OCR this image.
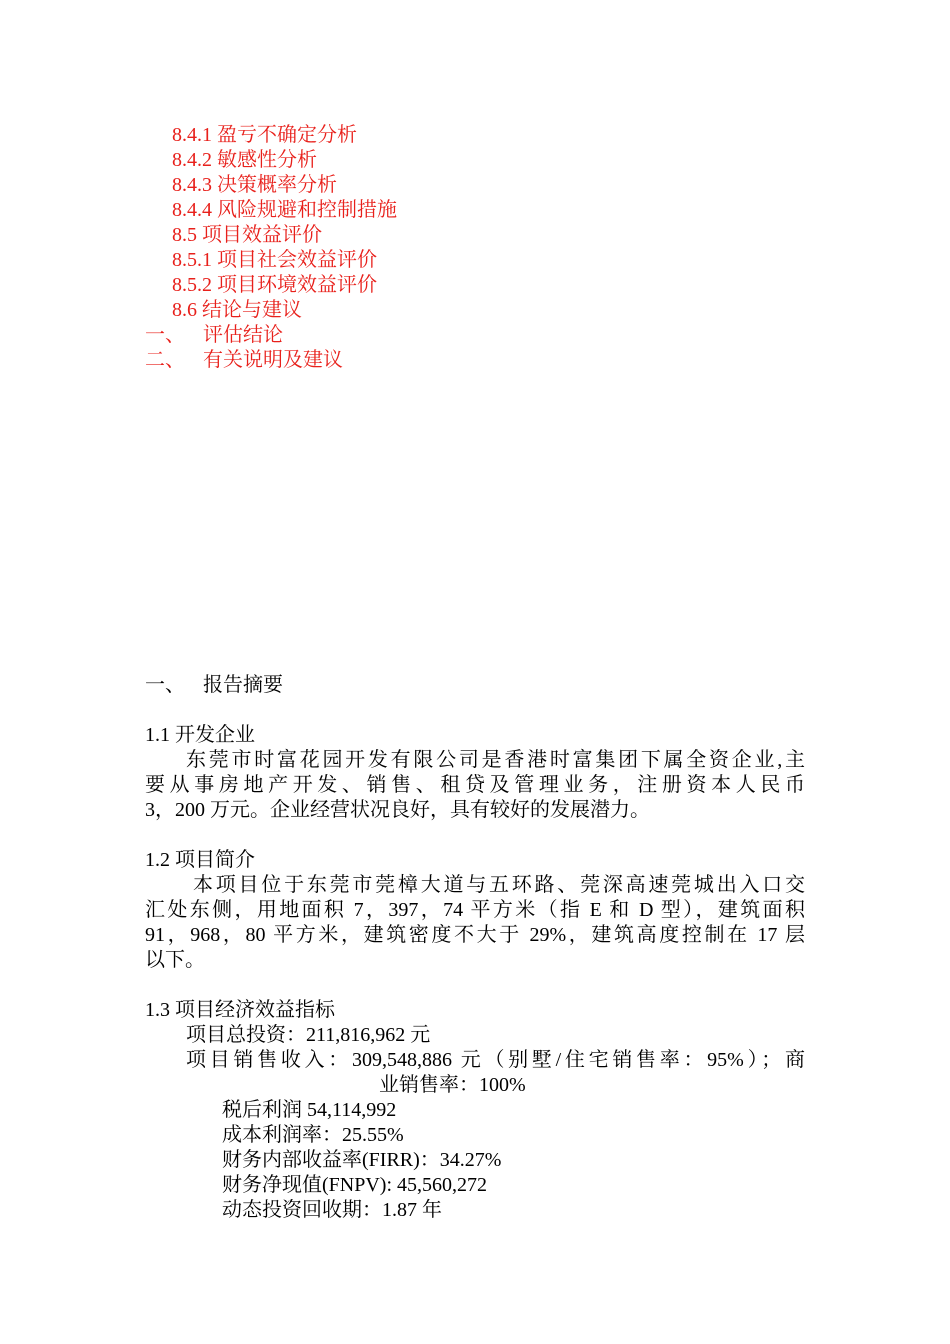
8.4.1 盈亏不确定分析
8.4.2 敏感性分析
8.4.3 决策概率分析
8.4.4 风险规避和控制措施
8.5 项目效益评价
8.5.1 项目社会效益评价
8.5.2 项目环境效益评价
8.6 结论与建议
一、 评估结论
二、 有关说明及建议
一、 报告摘要
1.1 开发企业
东莞市时富花园开发有限公司是香港时富集团下属全资企业,主
要从事房地产开发、销售、租贷及管理业务，注册资本人民币
3，200 万元。企业经营状况良好，具有较好的发展潜力。
1.2 项目简介
本项目位于东莞市莞樟大道与五环路、莞深高速莞城出入口交
汇处东侧，用地面积 7，397，74 平方米（指 E 和 D 型），建筑面积
91，968，80 平方米，建筑密度不大于 29%，建筑高度控制在 17 层
以下。
1.3 项目经济效益指标
项目总投资：211,816,962 元
项目销售收入：309,548,886 元（别墅/住宅销售率：95%）；商
业销售率：100%
税后利润 54,114,992
成本利润率：25.55%
财务内部收益率(FIRR)：34.27%
财务净现值(FNPV): 45,560,272
动态投资回收期：1.87 年
